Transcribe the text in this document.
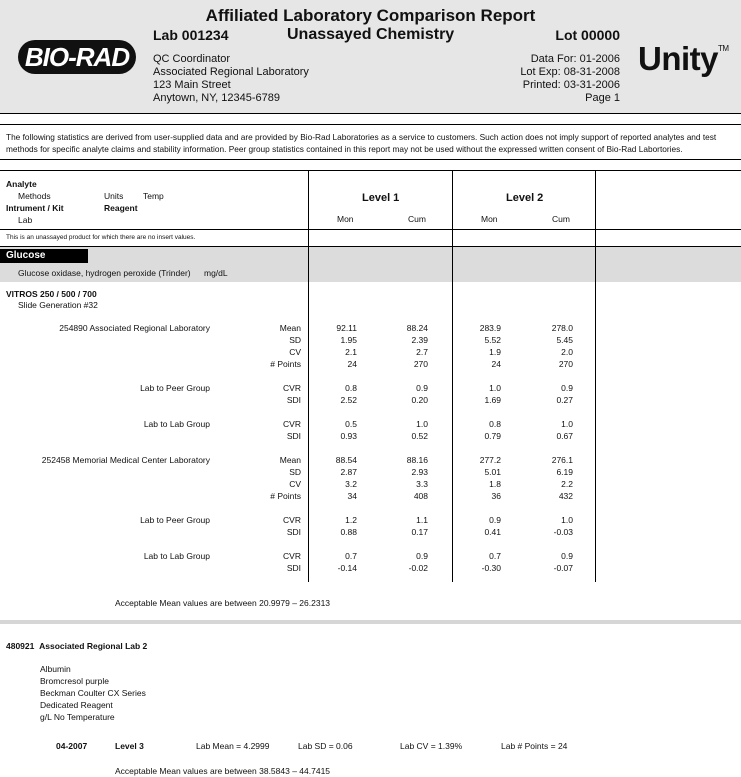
BIO-RAD	Unity™
Affiliated Laboratory Comparison Report
Lab 001234	Unassayed Chemistry	Lot 00000
QC Coordinator
Associated Regional Laboratory
123 Main Street
Anytown, NY, 12345-6789
Data For: 01-2006
Lot Exp: 08-31-2008
Printed: 03-31-2006
Page 1
The following statistics are derived from user-supplied data and are provided by Bio-Rad Laboratories as a service to customers. Such action does not imply support of reported analytes and test methods for specific analyte claims and stability information. Peer group statistics contained in this report may not be used without the expressed written consent of Bio-Rad Labortories.
Analyte
Methods	Units Temp
Intrument / Kit	Reagent
Lab
Level 1	Level 2
Mon	Cum	Mon	Cum
This is an unassayed product for which there are no insert values.
Glucose
Glucose oxidase, hydrogen peroxide (Trinder) mg/dL
VITROS 250 / 500 / 700
Slide Generation #32
254890 Associated Regional Laboratory	Mean	92.11	88.24	283.9	278.0
SD	1.95	2.39	5.52	5.45
CV	2.1	2.7	1.9	2.0
# Points	24	270	24	270
Lab to Peer Group	CVR	0.8	0.9	1.0	0.9
SDI	2.52	0.20	1.69	0.27
Lab to Lab Group	CVR	0.5	1.0	0.8	1.0
SDI	0.93	0.52	0.79	0.67
252458 Memorial Medical Center Laboratory	Mean	88.54	88.16	277.2	276.1
SD	2.87	2.93	5.01	6.19
CV	3.2	3.3	1.8	2.2
# Points	34	408	36	432
Lab to Peer Group	CVR	1.2	1.1	0.9	1.0
SDI	0.88	0.17	0.41	-0.03
Lab to Lab Group	CVR	0.7	0.9	0.7	0.9
SDI	-0.14	-0.02	-0.30	-0.07
Acceptable Mean values are between 20.9979 – 26.2313
480921 Associated Regional Lab 2
Albumin
Bromcresol purple
Beckman Coulter CX Series
Dedicated Reagent
g/L No Temperature
04-2007	Level 3	Lab Mean = 4.2999	Lab SD = 0.06	Lab CV = 1.39%	Lab # Points = 24
Acceptable Mean values are between 38.5843 – 44.7415
